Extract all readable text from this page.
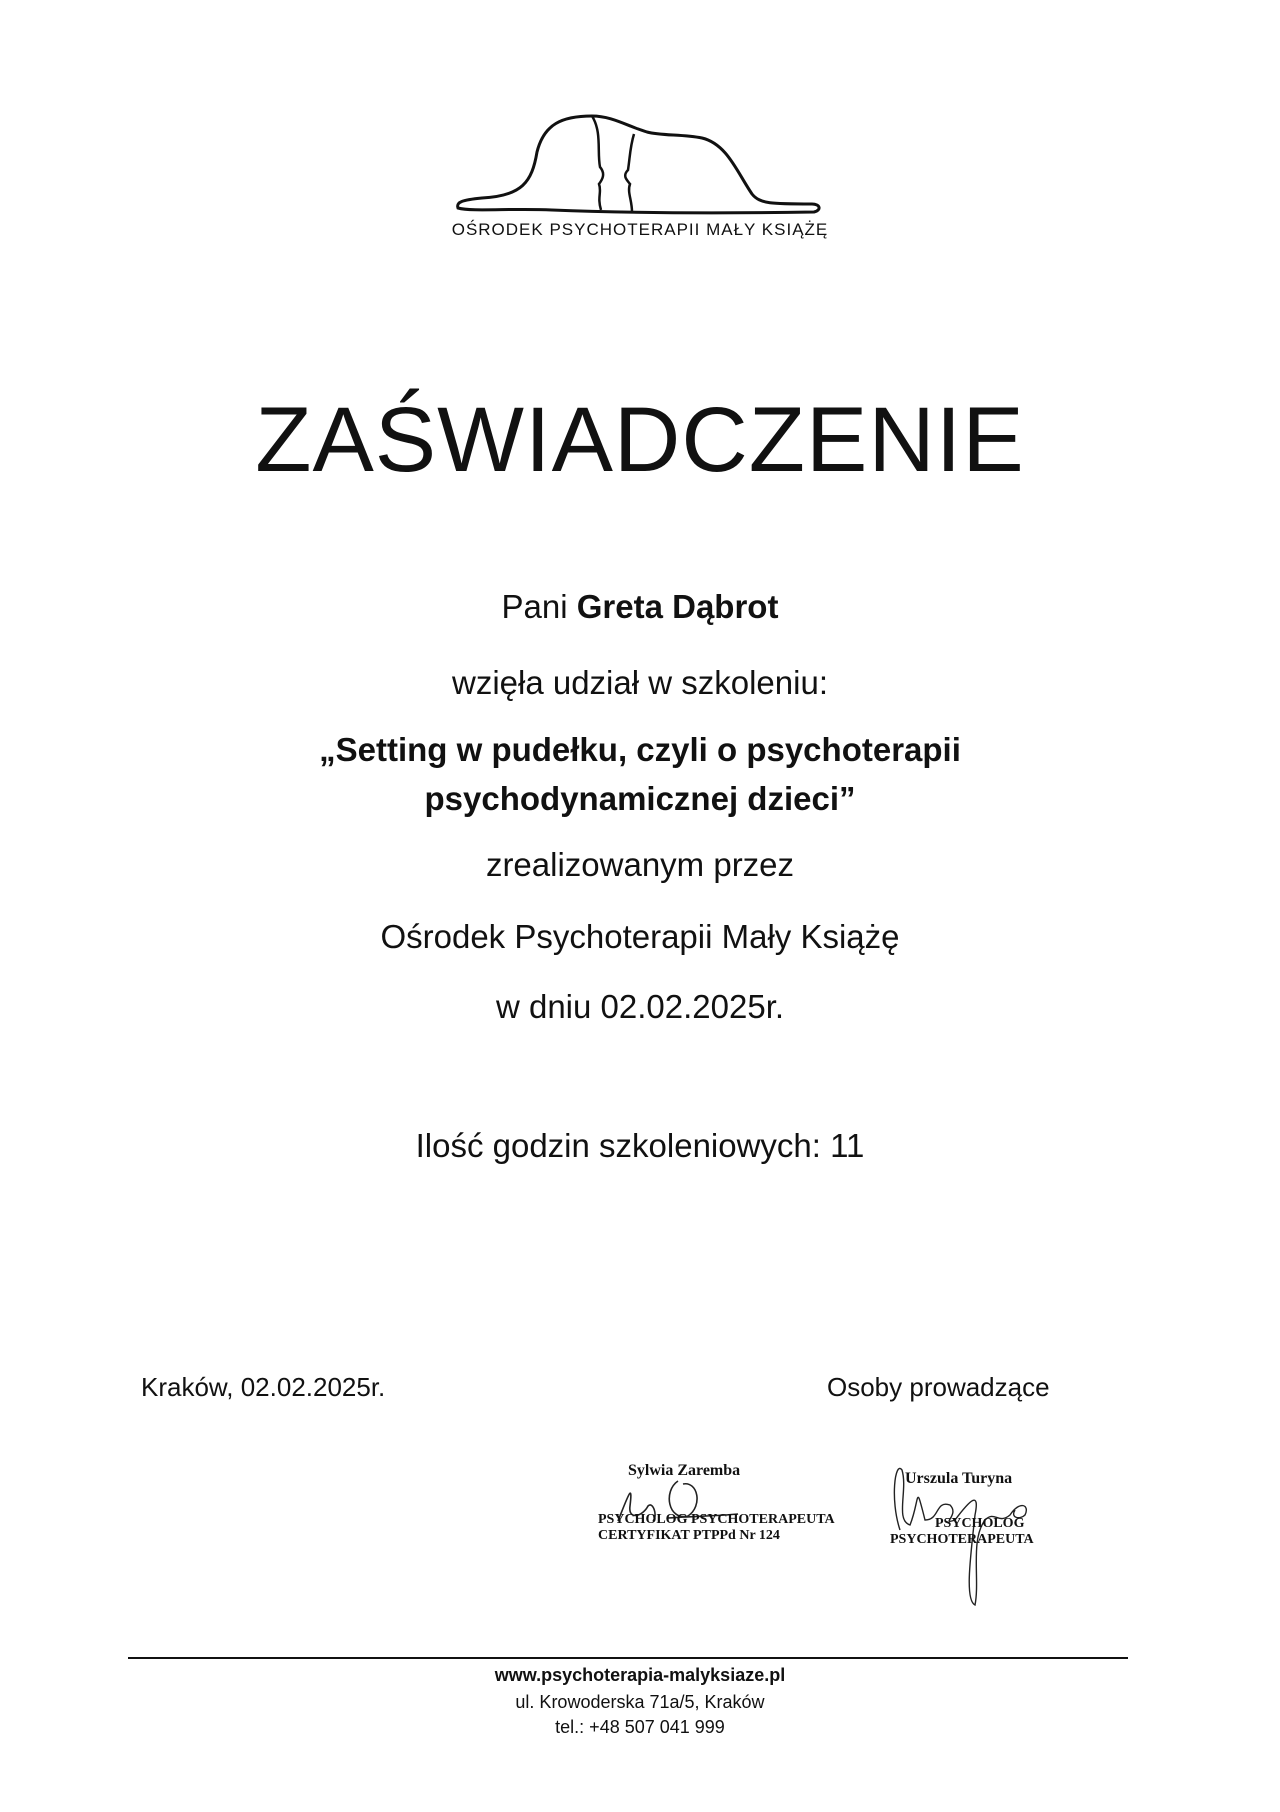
OŚRODEK PSYCHOTERAPII MAŁY KSIĄŻĘ
ZAŚWIADCZENIE
Pani Greta Dąbrot
wzięła udział w szkoleniu:
„Setting w pudełku, czyli o psychoterapii
psychodynamicznej dzieci”
zrealizowanym przez
Ośrodek Psychoterapii Mały Książę
w dniu 02.02.2025r.
Ilość godzin szkoleniowych: 11
Kraków, 02.02.2025r.	Osoby prowadzące
Sylwia Zaremba
PSYCHOLOG PSYCHOTERAPEUTA
CERTYFIKAT PTPPd Nr 124
Urszula Turyna
PSYCHOLOG
PSYCHOTERAPEUTA
www.psychoterapia-malyksiaze.pl
ul. Krowoderska 71a/5, Kraków
tel.: +48 507 041 999
